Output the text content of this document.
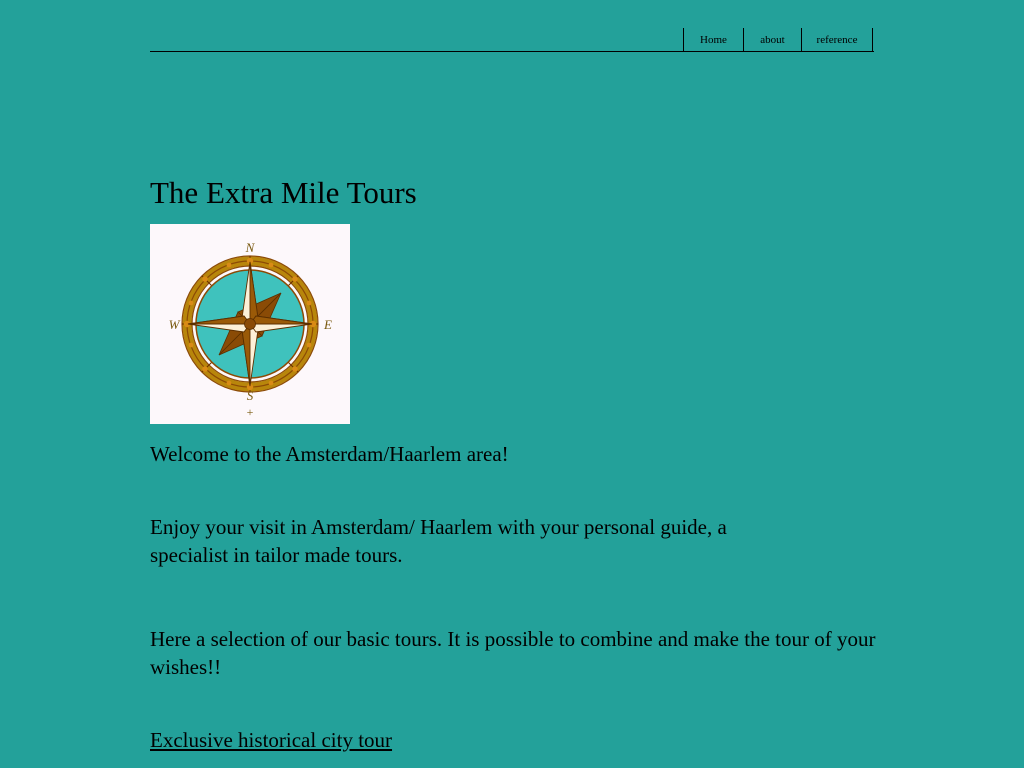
Home	about	reference
The Extra Mile Tours
N
S
W	E
+

Welcome to the Amsterdam/Haarlem area!

Enjoy your visit in Amsterdam/ Haarlem with your personal guide, a specialist in tailor made tours.

Here a selection of our basic tours. It is possible to combine and make the tour of your wishes!!

Exclusive historical city tour
